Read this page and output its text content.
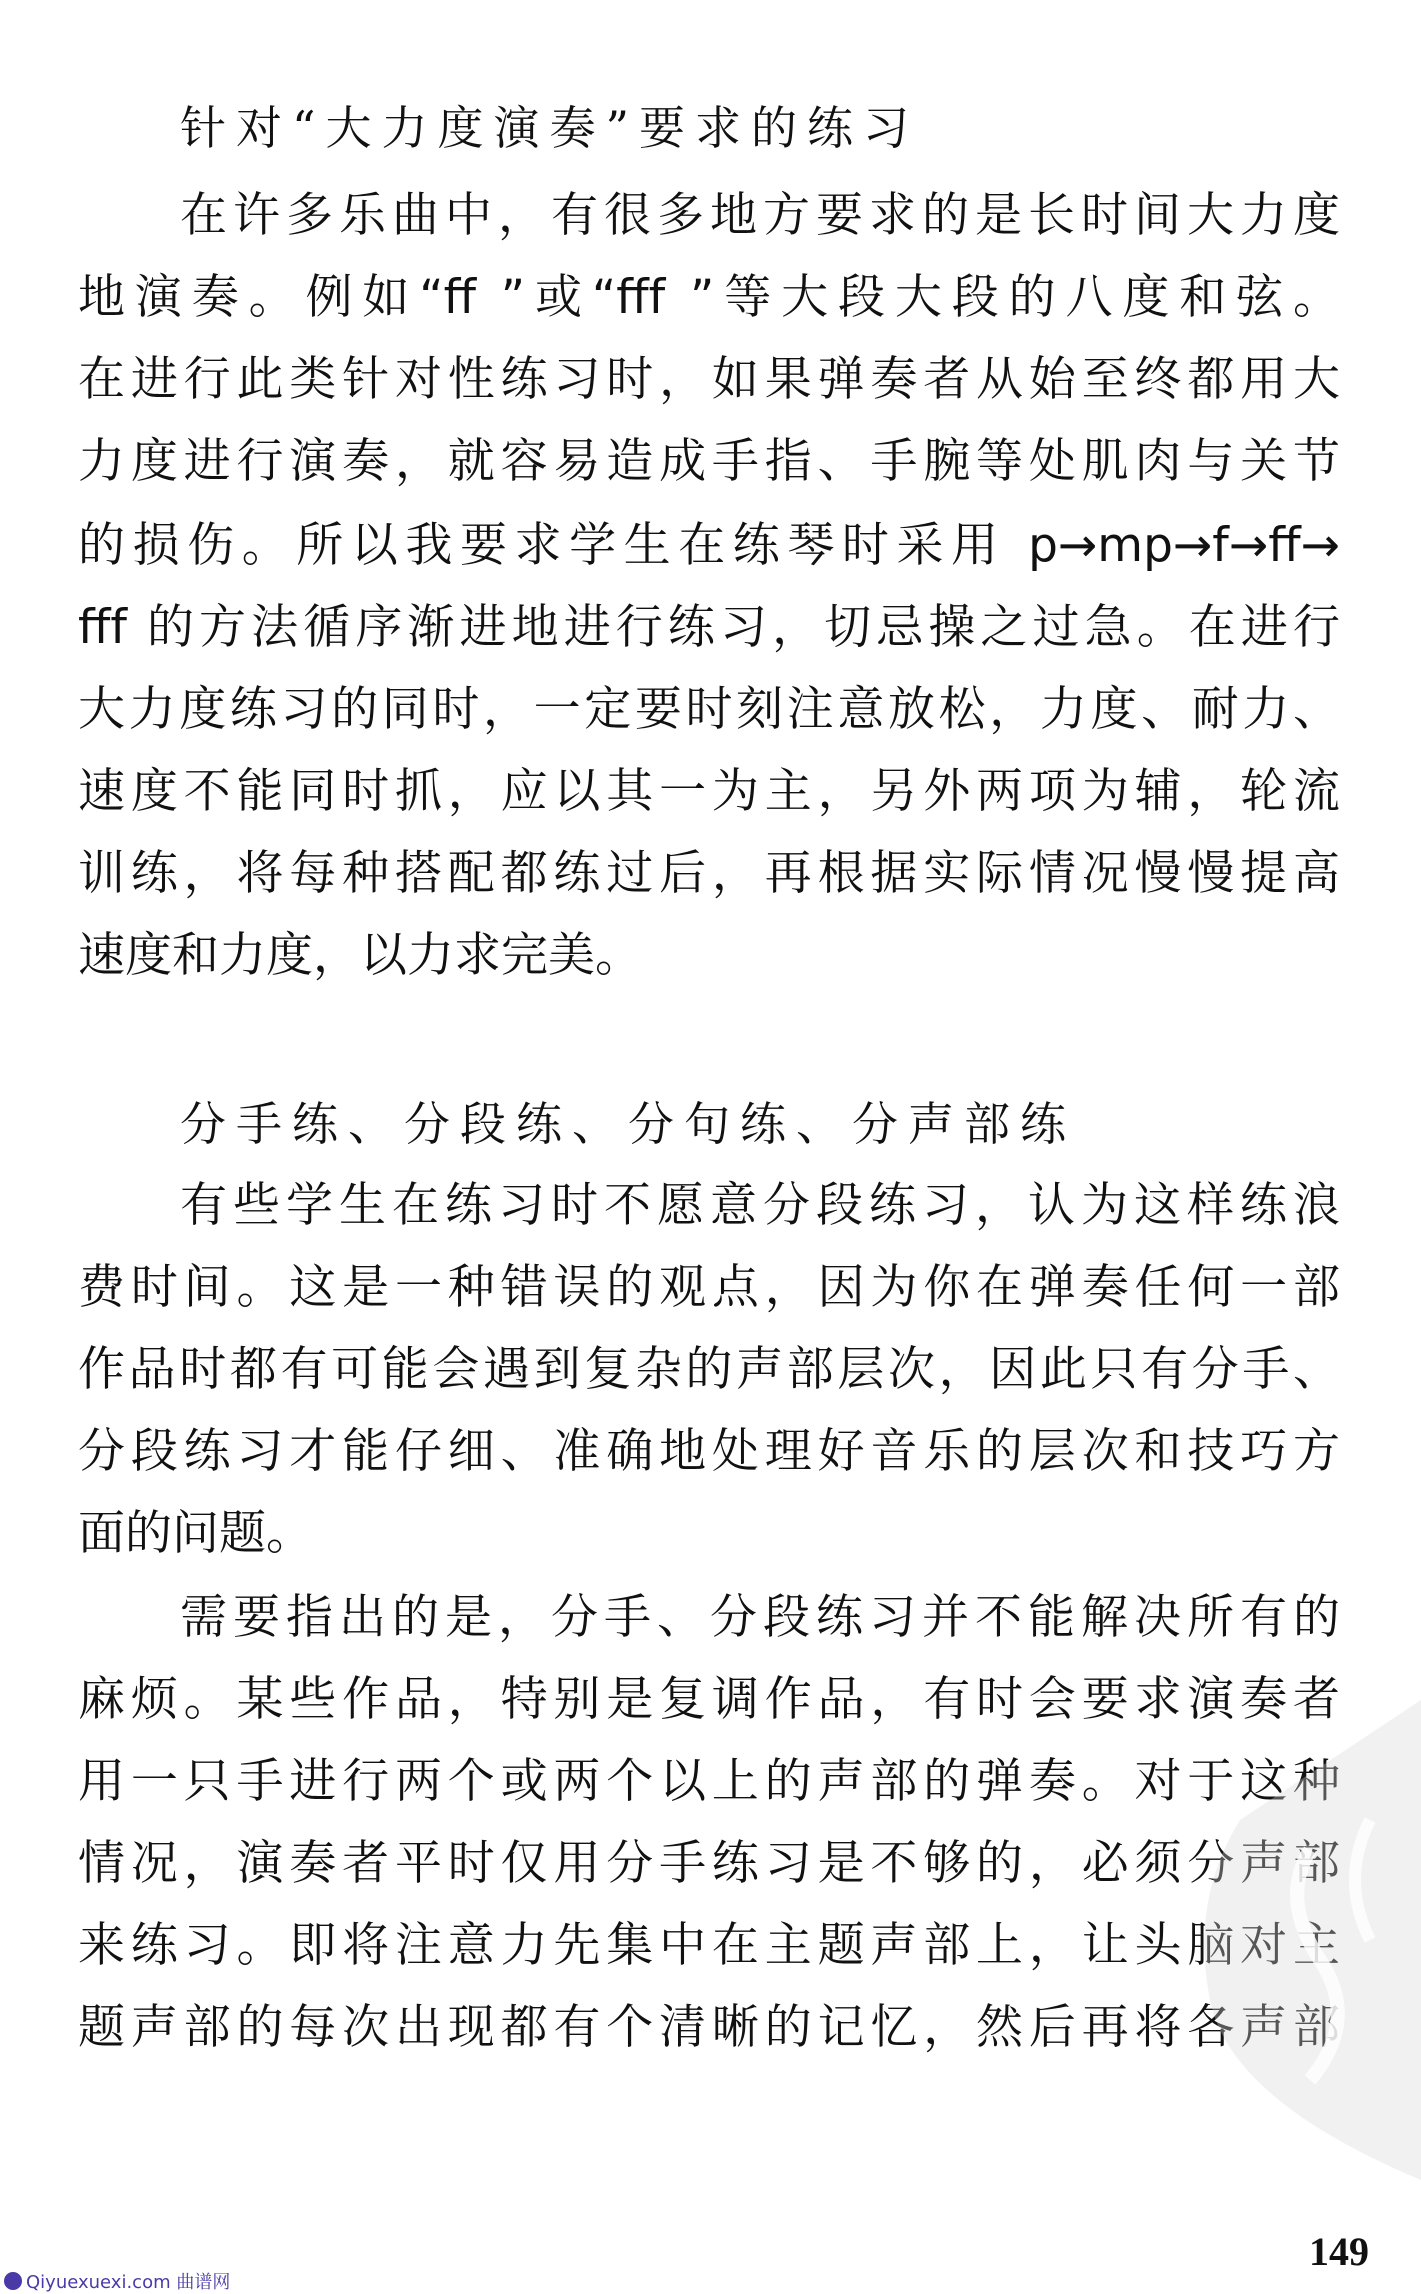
针对“大力度演奏”要求的练习
在许多乐曲中，有很多地方要求的是长时间大力度
地演奏。例如“ff ”或“fff ”等大段大段的八度和弦。
在进行此类针对性练习时，如果弹奏者从始至终都用大
力度进行演奏，就容易造成手指、手腕等处肌肉与关节
的损伤。所以我要求学生在练琴时采用 p→mp→f→ff→
fff 的方法循序渐进地进行练习，切忌操之过急。在进行
大力度练习的同时，一定要时刻注意放松，力度、耐力、
速度不能同时抓，应以其一为主，另外两项为辅，轮流
训练，将每种搭配都练过后，再根据实际情况慢慢提高
速度和力度，以力求完美。
分手练、分段练、分句练、分声部练
有些学生在练习时不愿意分段练习，认为这样练浪
费时间。这是一种错误的观点，因为你在弹奏任何一部
作品时都有可能会遇到复杂的声部层次，因此只有分手、
分段练习才能仔细、准确地处理好音乐的层次和技巧方
面的问题。
需要指出的是，分手、分段练习并不能解决所有的
麻烦。某些作品，特别是复调作品，有时会要求演奏者
用一只手进行两个或两个以上的声部的弹奏。对于这种
情况，演奏者平时仅用分手练习是不够的，必须分声部
来练习。即将注意力先集中在主题声部上，让头脑对主
题声部的每次出现都有个清晰的记忆，然后再将各声部
149
Qiyuexuexi.com 曲谱网
